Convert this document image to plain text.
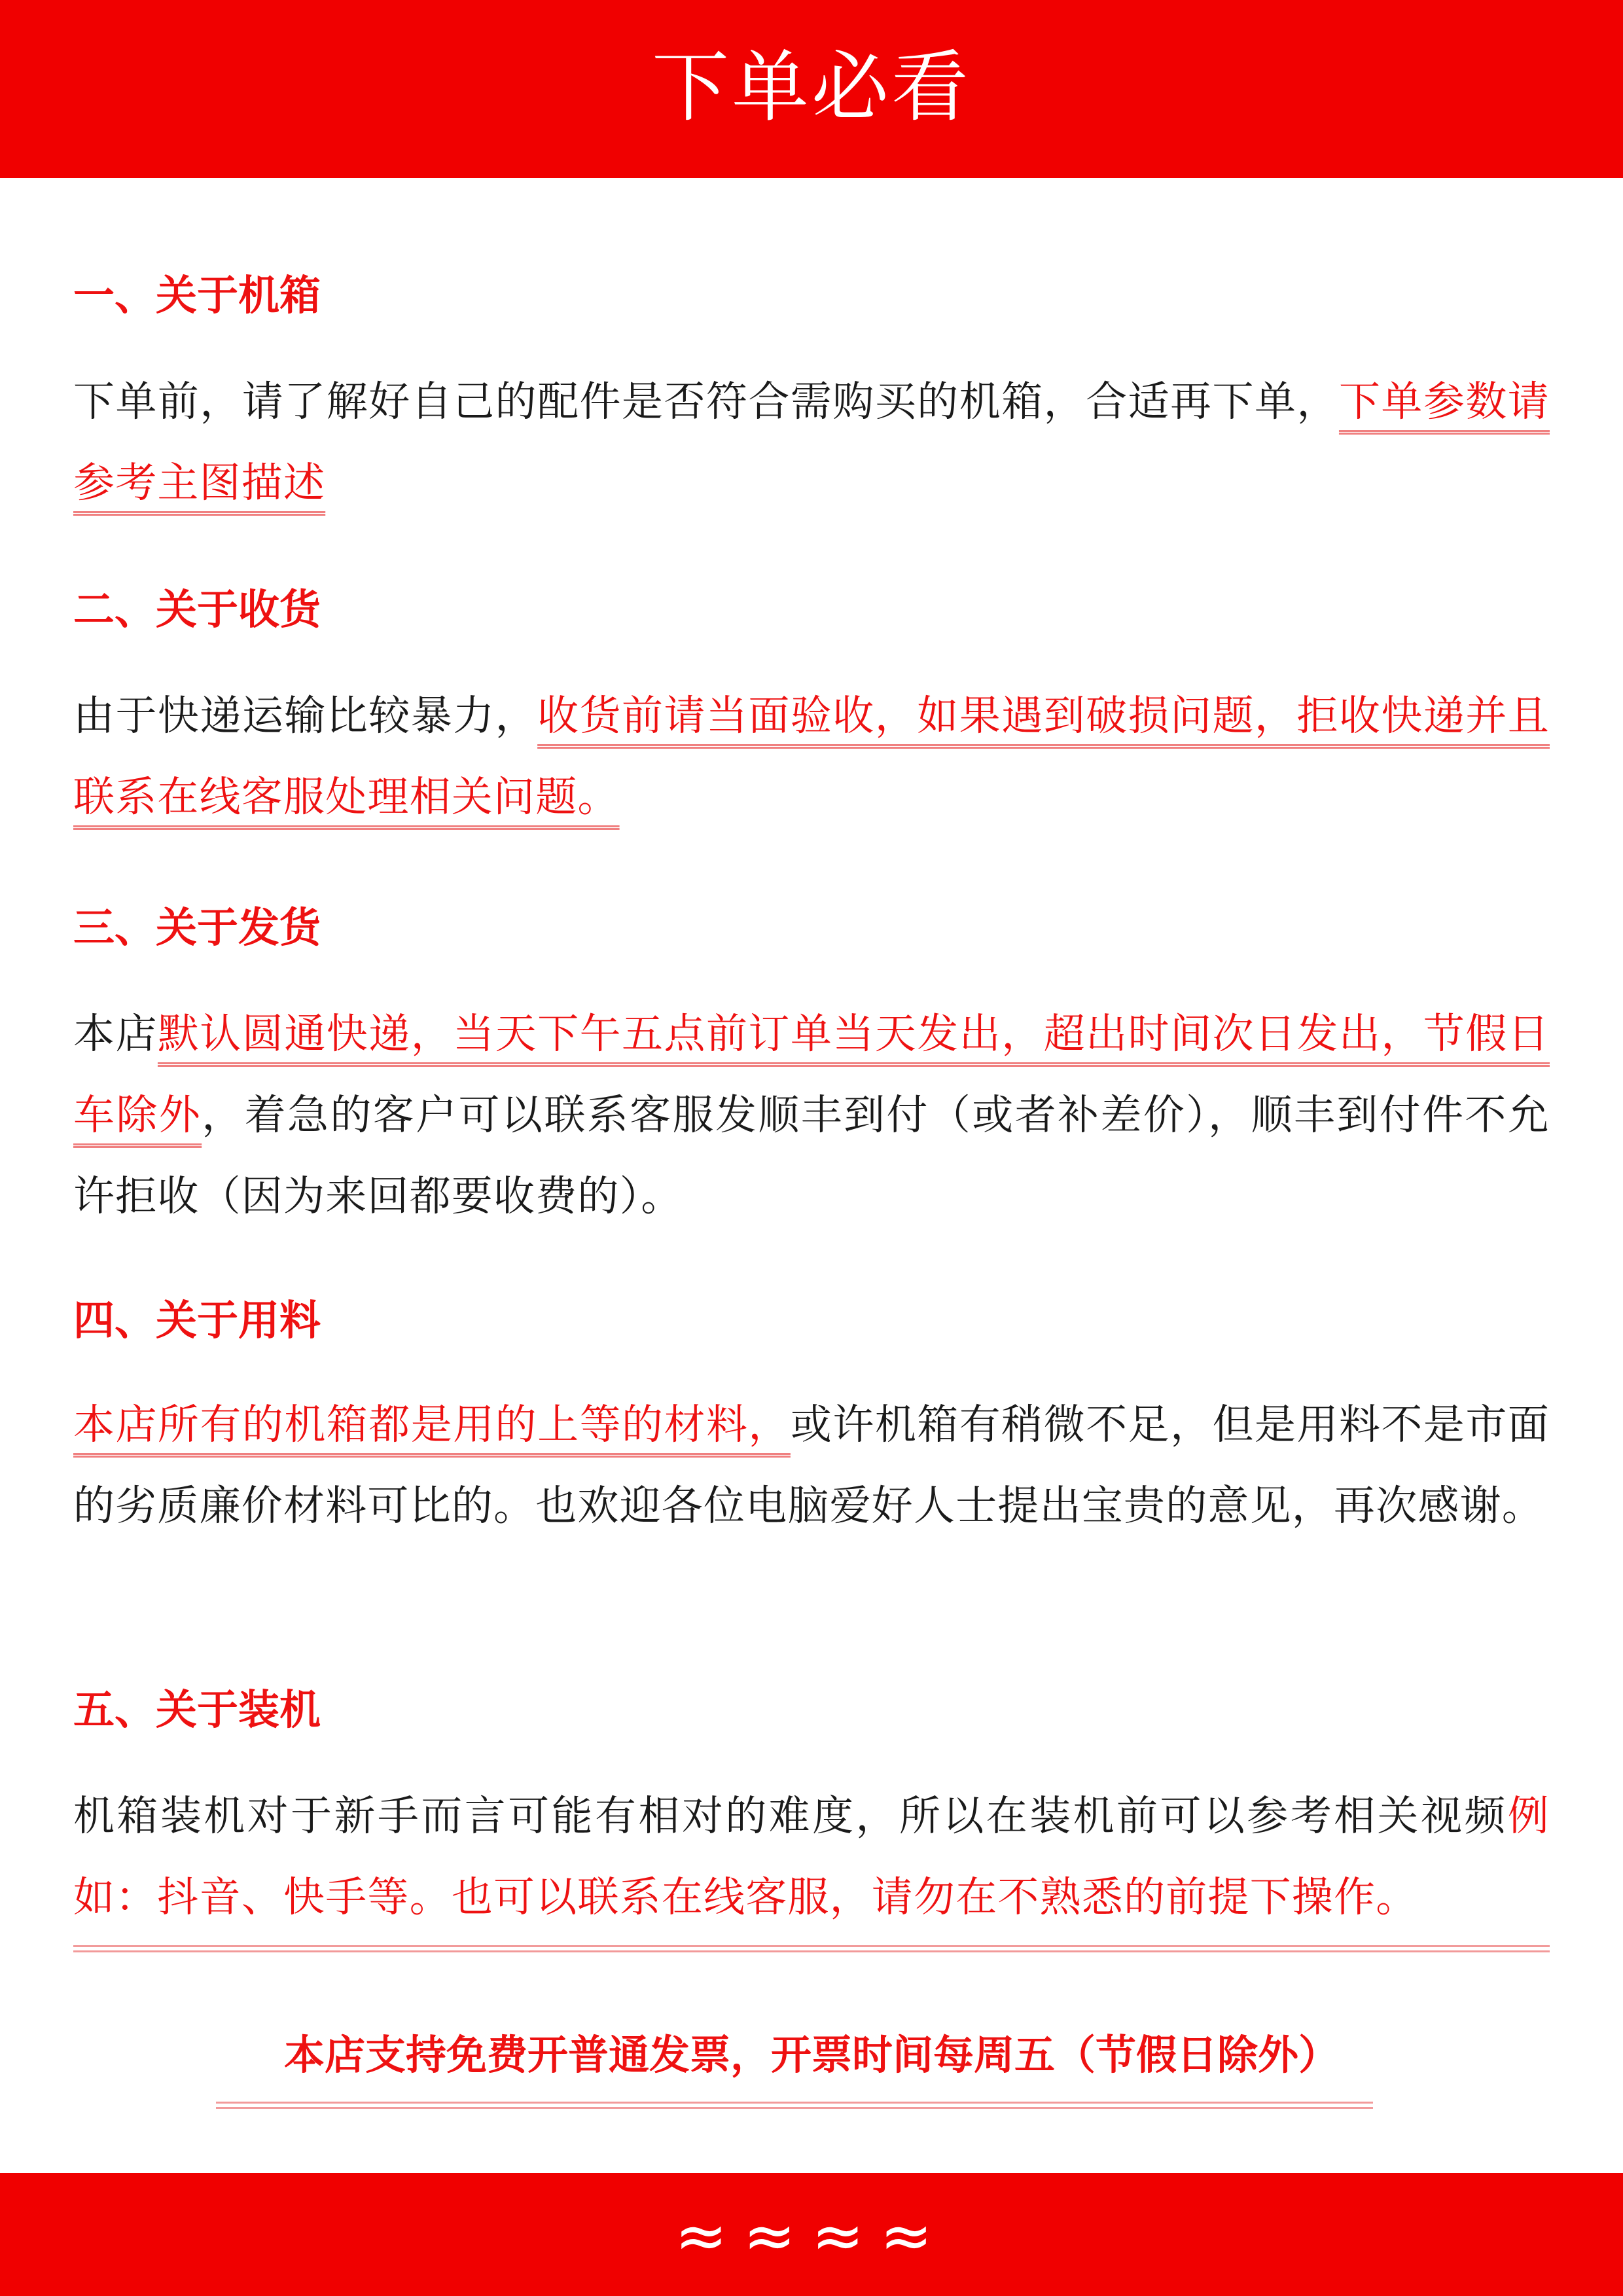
下单必看
一、关于机箱
下单前，请了解好自己的配件是否符合需购买的机箱，合适再下单，下单参数请参考主图描述
二、关于收货
由于快递运输比较暴力，收货前请当面验收，如果遇到破损问题，拒收快递并且联系在线客服处理相关问题。
三、关于发货
本店默认圆通快递，当天下午五点前订单当天发出，超出时间次日发出，节假日车除外，着急的客户可以联系客服发顺丰到付（或者补差价），顺丰到付件不允许拒收（因为来回都要收费的）。
四、关于用料
本店所有的机箱都是用的上等的材料，或许机箱有稍微不足，但是用料不是市面的劣质廉价材料可比的。也欢迎各位电脑爱好人士提出宝贵的意见，再次感谢。
五、关于装机
机箱装机对于新手而言可能有相对的难度，所以在装机前可以参考相关视频例如：抖音、快手等。也可以联系在线客服，请勿在不熟悉的前提下操作。
本店支持免费开普通发票，开票时间每周五（节假日除外）
≈≈≈≈
